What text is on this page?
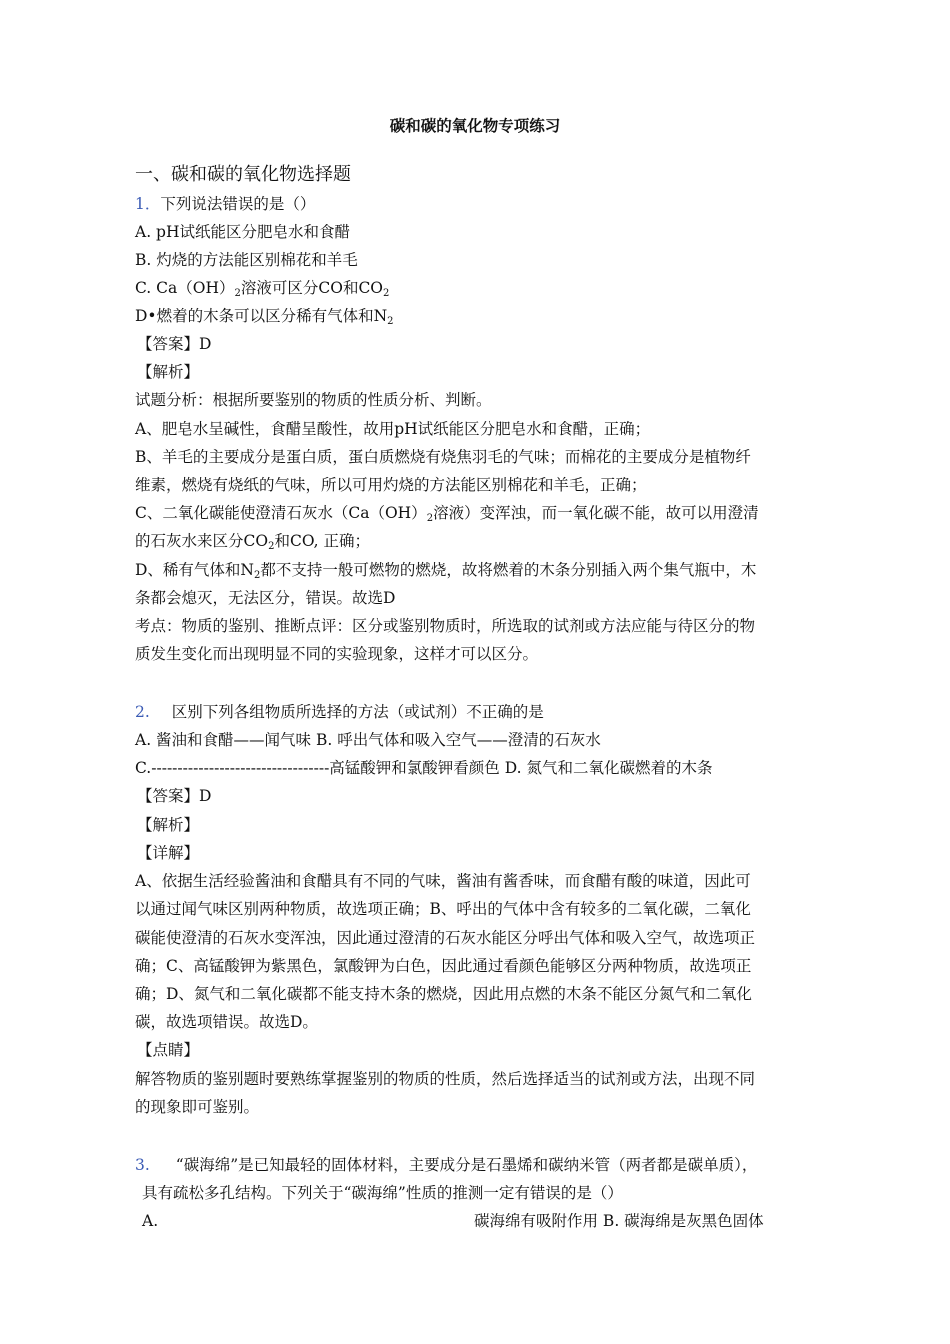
碳和碳的氧化物专项练习
一、碳和碳的氧化物选择题
1．下列说法错误的是（）
A. pH试纸能区分肥皂水和食醋
B. 灼烧的方法能区别棉花和羊毛
C. $Ca(OH)_2$溶液可区分CO和$CO_2$
D•燃着的木条可以区分稀有气体和$N_2$
【答案】D
【解析】
试题分析：根据所要鉴别的物质的性质分析、判断。
A、肥皂水呈碱性，食醋呈酸性，故用pH试纸能区分肥皂水和食醋，正确；
B、羊毛的主要成分是蛋白质，蛋白质燃烧有烧焦羽毛的气味；而棉花的主要成分是植物纤
维素，燃烧有烧纸的气味，所以可用灼烧的方法能区别棉花和羊毛，正确；
C、二氧化碳能使澄清石灰水（$Ca(OH)_2$溶液）变浑浊，而一氧化碳不能，故可以用澄清
的石灰水来区分$CO_2$和CO, 正确；
D、稀有气体和$N_2$都不支持一般可燃物的燃烧，故将燃着的木条分别插入两个集气瓶中，木
条都会熄灭，无法区分，错误。故选D
考点：物质的鉴别、推断点评：区分或鉴别物质时，所选取的试剂或方法应能与待区分的物
质发生变化而出现明显不同的实验现象，这样才可以区分。
2. 区别下列各组物质所选择的方法（或试剂）不正确的是
A. 酱油和食醋——闻气味 B. 呼出气体和吸入空气——澄清的石灰水
C.----------------------------------高锰酸钾和氯酸钾看颜色 D. 氮气和二氧化碳燃着的木条
【答案】D
【解析】
【详解】
A、依据生活经验酱油和食醋具有不同的气味，酱油有酱香味，而食醋有酸的味道，因此可
以通过闻气味区别两种物质，故选项正确；B、呼出的气体中含有较多的二氧化碳，二氧化
碳能使澄清的石灰水变浑浊，因此通过澄清的石灰水能区分呼出气体和吸入空气，故选项正
确；C、高锰酸钾为紫黑色，氯酸钾为白色，因此通过看颜色能够区分两种物质，故选项正
确；D、氮气和二氧化碳都不能支持木条的燃烧，因此用点燃的木条不能区分氮气和二氧化
碳，故选项错误。故选D。
【点睛】
解答物质的鉴别题时要熟练掌握鉴别的物质的性质，然后选择适当的试剂或方法，出现不同
的现象即可鉴别。
3. “碳海绵”是已知最轻的固体材料，主要成分是石墨烯和碳纳米管（两者都是碳单质），
具有疏松多孔结构。下列关于“碳海绵”性质的推测一定有错误的是（）
A.	碳海绵有吸附作用 B. 碳海绵是灰黑色固体
